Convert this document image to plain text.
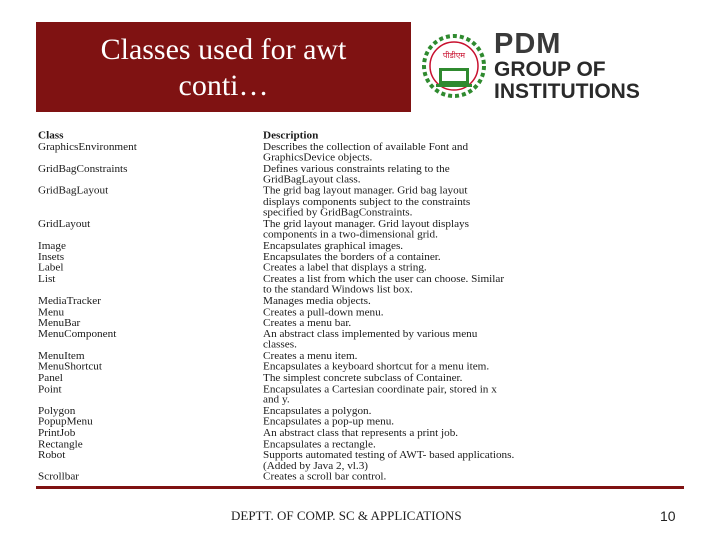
Classes used for awt
conti…
पीडीएम PDM
GROUP OF
INSTITUTIONS
Class	Description
GraphicsEnvironment	Describes the collection of available Font and
GraphicsDevice objects.
GridBagConstraints	Defines various constraints relating to the
GridBagLayout class.
GridBagLayout	The grid bag layout manager. Grid bag layout
displays components subject to the constraints
specified by GridBagConstraints.
GridLayout	The grid layout manager. Grid layout displays
components in a two-dimensional grid.
Image	Encapsulates graphical images.
Insets	Encapsulates the borders of a container.
Label	Creates a label that displays a string.
List	Creates a list from which the user can choose. Similar
to the standard Windows list box.
MediaTracker	Manages media objects.
Menu	Creates a pull-down menu.
MenuBar	Creates a menu bar.
MenuComponent	An abstract class implemented by various menu
classes.
MenuItem	Creates a menu item.
MenuShortcut	Encapsulates a keyboard shortcut for a menu item.
Panel	The simplest concrete subclass of Container.
Point	Encapsulates a Cartesian coordinate pair, stored in x
and y.
Polygon	Encapsulates a polygon.
PopupMenu	Encapsulates a pop-up menu.
PrintJob	An abstract class that represents a print job.
Rectangle	Encapsulates a rectangle.
Robot	Supports automated testing of AWT- based applications.
(Added by Java 2, vl.3)
Scrollbar	Creates a scroll bar control.
DEPTT. OF COMP. SC & APPLICATIONS	10
